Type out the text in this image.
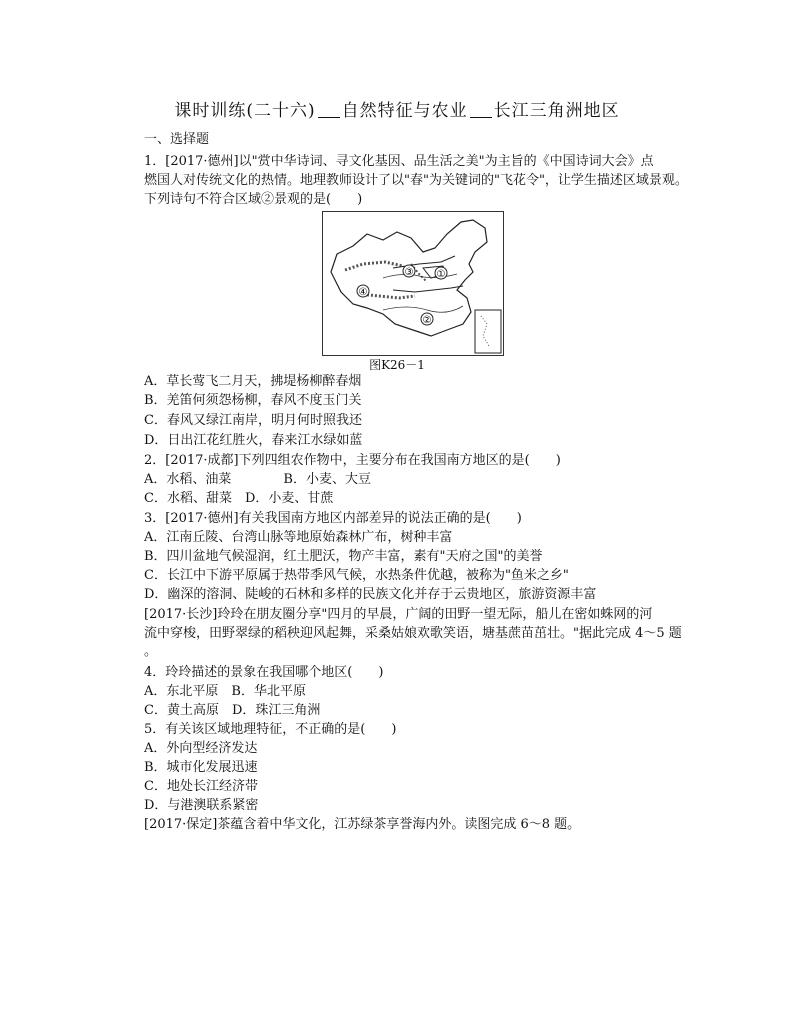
课时训练(二十六) 自然特征与农业 长江三角洲地区
一、选择题
1．[2017·德州]以"赏中华诗词、寻文化基因、品生活之美"为主旨的《中国诗词大会》点
燃国人对传统文化的热情。地理教师设计了以"春"为关键词的"飞花令"，让学生描述区域景观。
下列诗句不符合区域②景观的是(　　)
③ ①
④
②
图K26－1
A．草长莺飞二月天，拂堤杨柳醉春烟
B．羌笛何须怨杨柳，春风不度玉门关
C．春风又绿江南岸，明月何时照我还
D．日出江花红胜火，春来江水绿如蓝
2．[2017·成都]下列四组农作物中，主要分布在我国南方地区的是(　　)
A．水稻、油菜　　　　B．小麦、大豆
C．水稻、甜菜　D．小麦、甘蔗
3．[2017·德州]有关我国南方地区内部差异的说法正确的是(　　)
A．江南丘陵、台湾山脉等地原始森林广布，树种丰富
B．四川盆地气候湿润，红土肥沃，物产丰富，素有"天府之国"的美誉
C．长江中下游平原属于热带季风气候，水热条件优越，被称为"鱼米之乡"
D．幽深的溶洞、陡峻的石林和多样的民族文化并存于云贵地区，旅游资源丰富
[2017·长沙]玲玲在朋友圈分享"四月的早晨，广阔的田野一望无际，船儿在密如蛛网的河
流中穿梭，田野翠绿的稻秧迎风起舞，采桑姑娘欢歌笑语，塘基蔗苗茁壮。"据此完成 4～5 题
。
4．玲玲描述的景象在我国哪个地区(　　)
A．东北平原　B．华北平原
C．黄土高原　D．珠江三角洲
5．有关该区域地理特征，不正确的是(　　)
A．外向型经济发达
B．城市化发展迅速
C．地处长江经济带
D．与港澳联系紧密
[2017·保定]茶蕴含着中华文化，江苏绿茶享誉海内外。读图完成 6～8 题。
